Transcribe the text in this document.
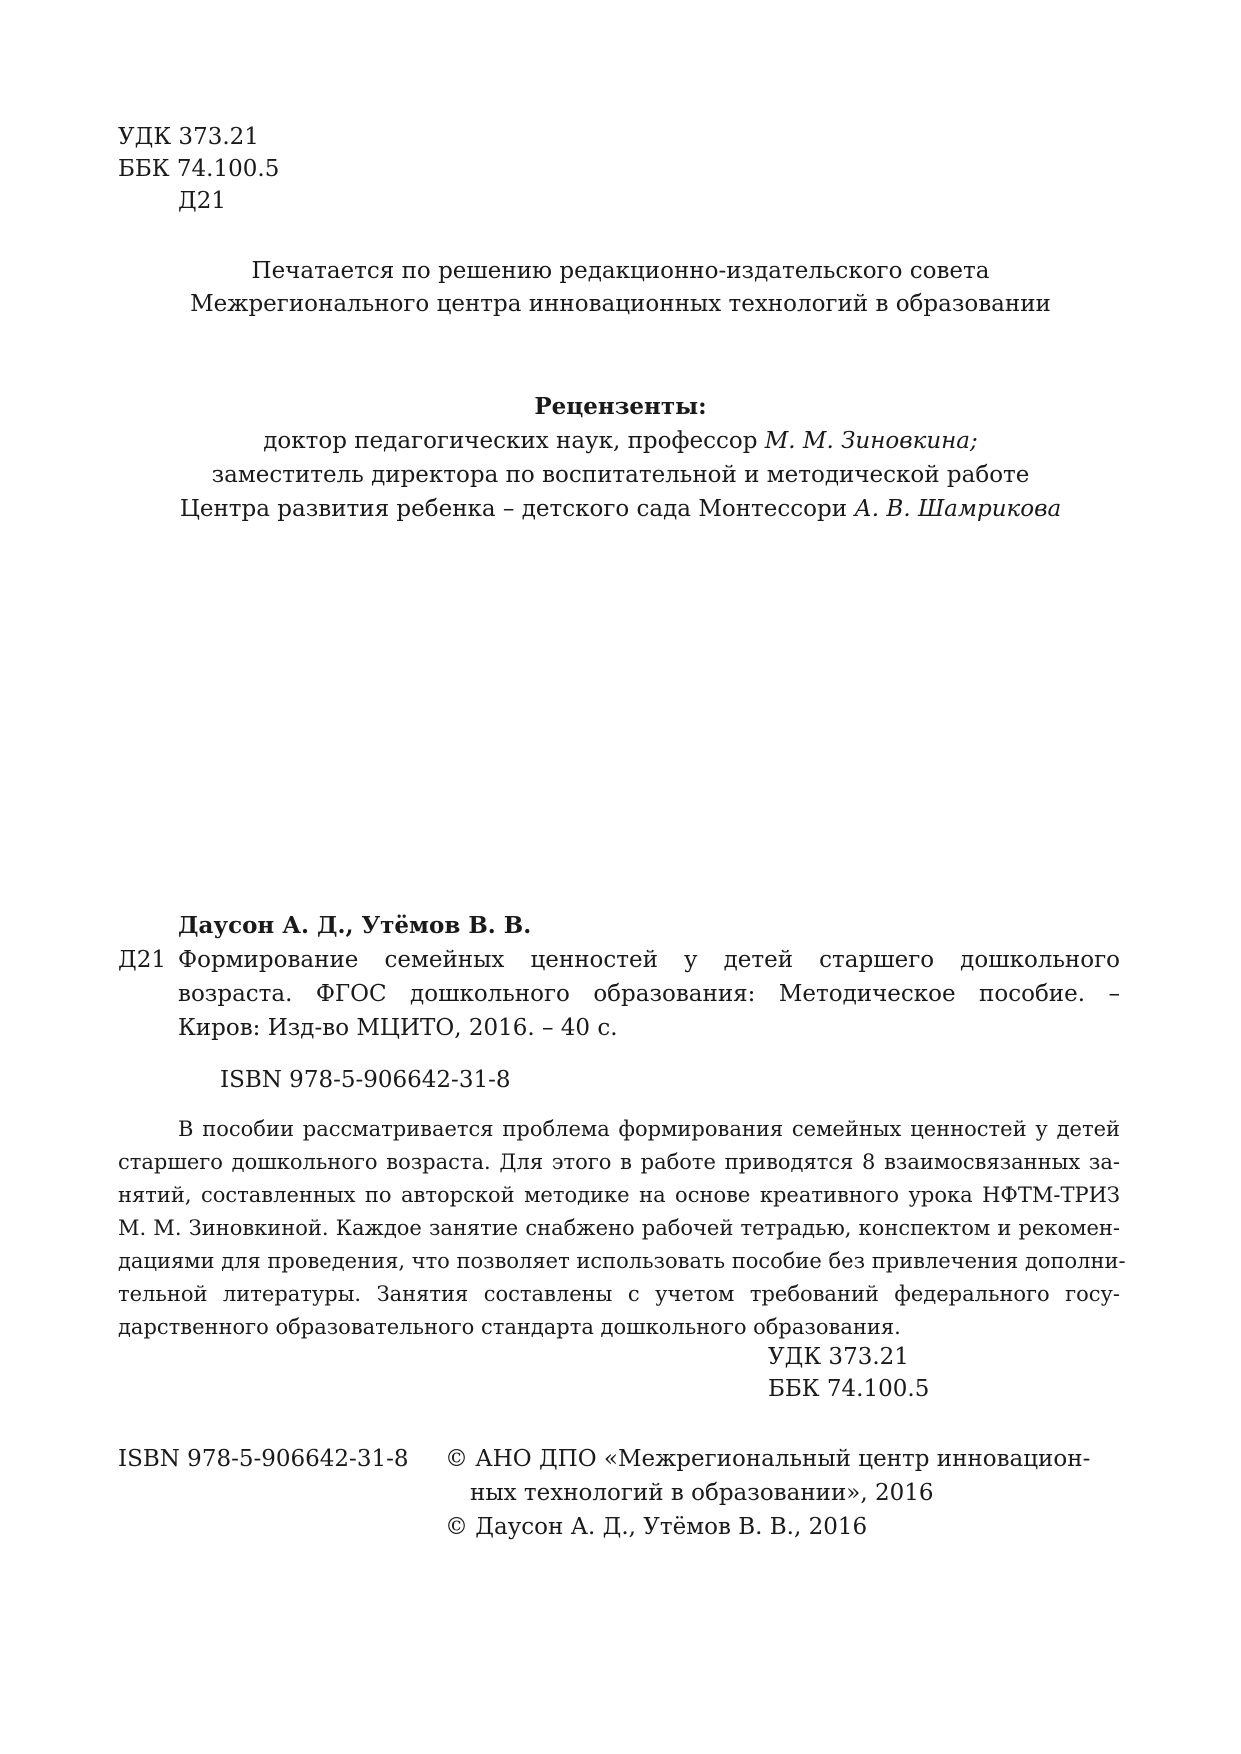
УДК 373.21
ББК 74.100.5
Д21
Печатается по решению редакционно-издательского совета
Межрегионального центра инновационных технологий в образовании
Рецензенты:
доктор педагогических наук, профессор М. М. Зиновкина;
заместитель директора по воспитательной и методической работе
Центра развития ребенка – детского сада Монтессори А. В. Шамрикова
Даусон А. Д., Утёмов В. В.
Д21 Формирование семейных ценностей у детей старшего дошкольного
возраста. ФГОС дошкольного образования: Методическое пособие. –
Киров: Изд-во МЦИТО, 2016. – 40 с.
ISBN 978-5-906642-31-8
В пособии рассматривается проблема формирования семейных ценностей у детей
старшего дошкольного возраста. Для этого в работе приводятся 8 взаимосвязанных за-
нятий, составленных по авторской методике на основе креативного урока НФТМ-ТРИЗ
М. М. Зиновкиной. Каждое занятие снабжено рабочей тетрадью, конспектом и рекомен-
дациями для проведения, что позволяет использовать пособие без привлечения дополни-
тельной литературы. Занятия составлены с учетом требований федерального госу-
дарственного образовательного стандарта дошкольного образования.
УДК 373.21
ББК 74.100.5
ISBN 978-5-906642-31-8 © АНО ДПО «Межрегиональный центр инновацион-
ных технологий в образовании», 2016
© Даусон А. Д., Утёмов В. В., 2016
